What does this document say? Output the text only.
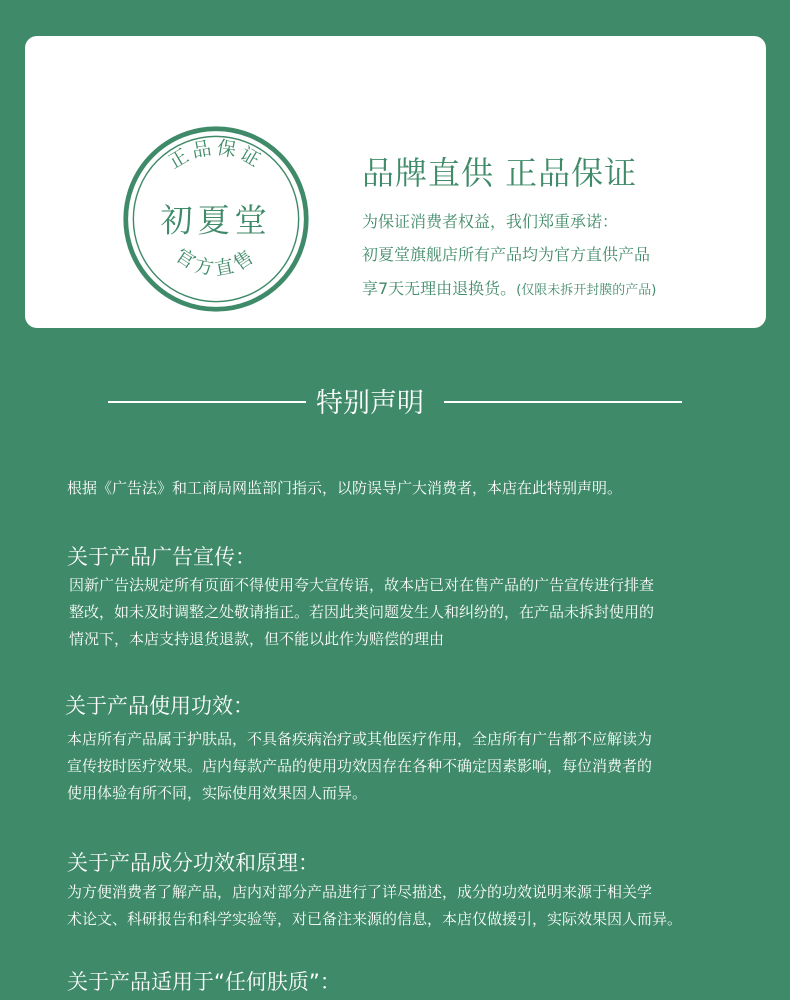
正品保证
初夏堂
官方直售
品牌直供 正品保证
为保证消费者权益，我们郑重承诺：
初夏堂旗舰店所有产品均为官方直供产品
享7天无理由退换货。(仅限未拆开封膜的产品)
特别声明
根据《广告法》和工商局网监部门指示，以防误导广大消费者，本店在此特别声明。
关于产品广告宣传：
因新广告法规定所有页面不得使用夸大宣传语，故本店已对在售产品的广告宣传进行排查
整改，如未及时调整之处敬请指正。若因此类问题发生人和纠纷的，在产品未拆封使用的
情况下，本店支持退货退款，但不能以此作为赔偿的理由
关于产品使用功效：
本店所有产品属于护肤品，不具备疾病治疗或其他医疗作用，全店所有广告都不应解读为
宣传按时医疗效果。店内每款产品的使用功效因存在各种不确定因素影响，每位消费者的
使用体验有所不同，实际使用效果因人而异。
关于产品成分功效和原理：
为方便消费者了解产品，店内对部分产品进行了详尽描述，成分的功效说明来源于相关学
术论文、科研报告和科学实验等，对已备注来源的信息，本店仅做援引，实际效果因人而异。
关于产品适用于“任何肤质”：
